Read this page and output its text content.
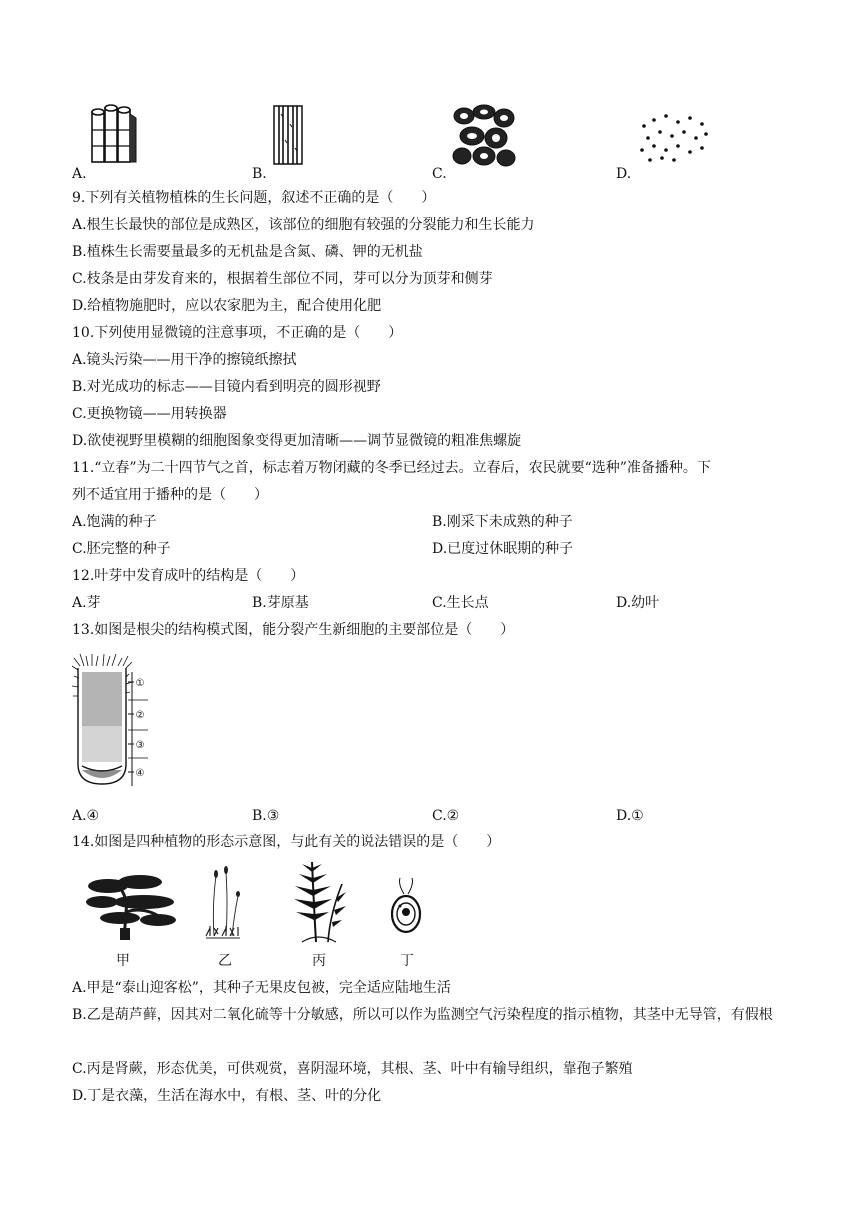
A.	B.	C.	D.
9.下列有关植物植株的生长问题，叙述不正确的是（　　）
A.根生长最快的部位是成熟区，该部位的细胞有较强的分裂能力和生长能力
B.植株生长需要量最多的无机盐是含氮、磷、钾的无机盐
C.枝条是由芽发育来的，根据着生部位不同，芽可以分为顶芽和侧芽
D.给植物施肥时，应以农家肥为主，配合使用化肥
10.下列使用显微镜的注意事项，不正确的是（　　）
A.镜头污染——用干净的擦镜纸擦拭
B.对光成功的标志——目镜内看到明亮的圆形视野
C.更换物镜——用转换器
D.欲使视野里模糊的细胞图象变得更加清晰——调节显微镜的粗准焦螺旋
11.“立春”为二十四节气之首，标志着万物闭藏的冬季已经过去。立春后，农民就要“选种”准备播种。下
列不适宜用于播种的是（　　）
A.饱满的种子	B.刚采下未成熟的种子
C.胚完整的种子	D.已度过休眠期的种子
12.叶芽中发育成叶的结构是（　　）
A.芽	B.芽原基	C.生长点	D.幼叶
13.如图是根尖的结构模式图，能分裂产生新细胞的主要部位是（　　）
①
②
③
④
A.④	B.③	C.②	D.①
14.如图是四种植物的形态示意图，与此有关的说法错误的是（　　）
甲	乙	丙	丁
A.甲是“泰山迎客松”，其种子无果皮包被，完全适应陆地生活
B.乙是葫芦藓，因其对二氧化硫等十分敏感，所以可以作为监测空气污染程度的指示植物，其茎中无导管，有假根
C.丙是肾蕨，形态优美，可供观赏，喜阴湿环境，其根、茎、叶中有输导组织，靠孢子繁殖
D.丁是衣藻，生活在海水中，有根、茎、叶的分化
